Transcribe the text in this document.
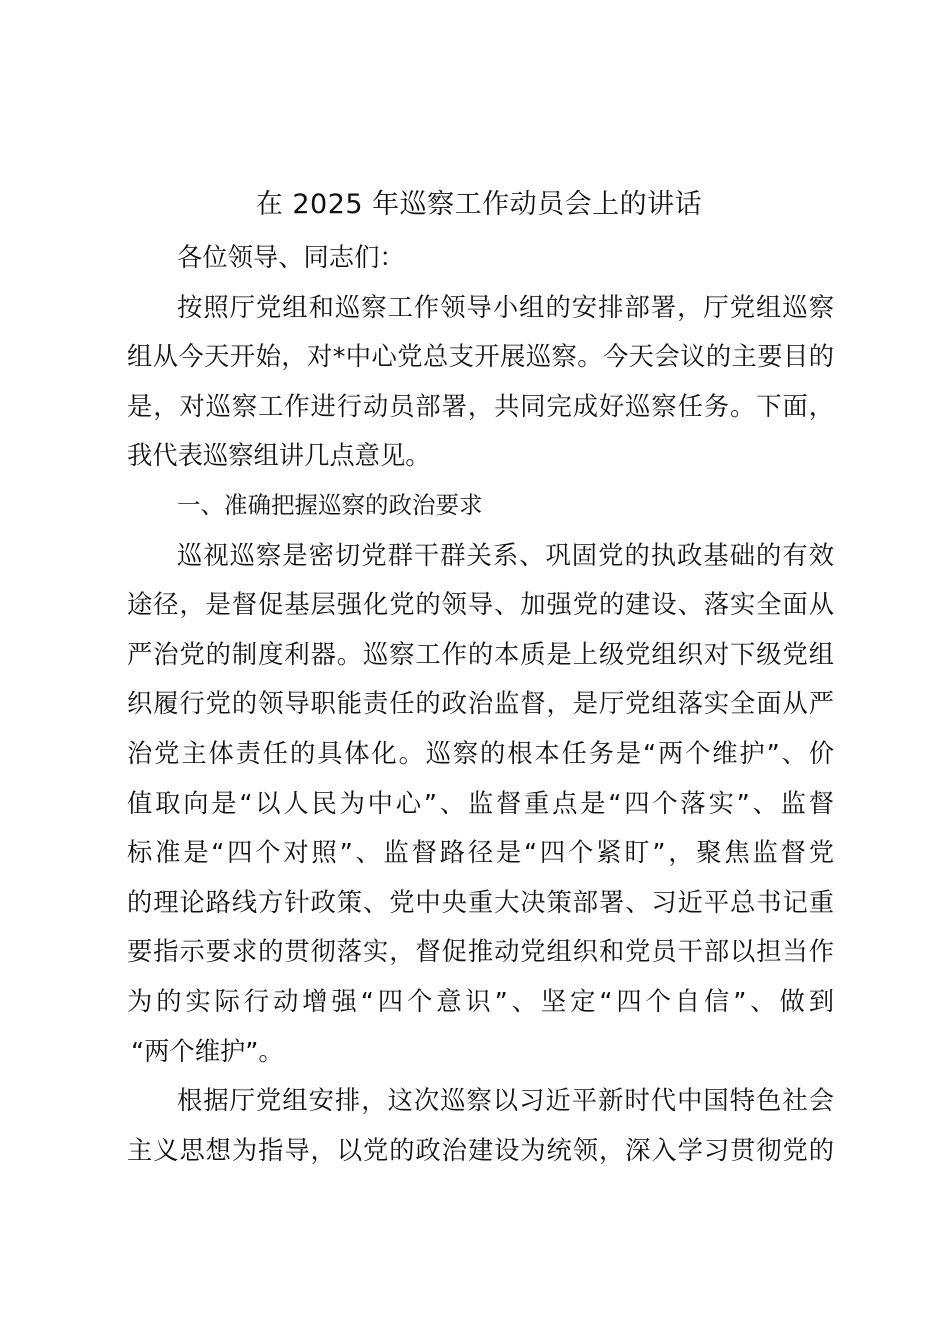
在 2025 年巡察工作动员会上的讲话
各位领导、同志们：
按照厅党组和巡察工作领导小组的安排部署，厅党组巡察
组从今天开始，对*中心党总支开展巡察。今天会议的主要目的
是，对巡察工作进行动员部署，共同完成好巡察任务。下面，
我代表巡察组讲几点意见。
一、准确把握巡察的政治要求
巡视巡察是密切党群干群关系、巩固党的执政基础的有效
途径，是督促基层强化党的领导、加强党的建设、落实全面从
严治党的制度利器。巡察工作的本质是上级党组织对下级党组
织履行党的领导职能责任的政治监督，是厅党组落实全面从严
治党主体责任的具体化。巡察的根本任务是“两个维护”、价
值取向是“以人民为中心”、监督重点是“四个落实”、监督
标准是“四个对照”、监督路径是“四个紧盯”，聚焦监督党
的理论路线方针政策、党中央重大决策部署、习近平总书记重
要指示要求的贯彻落实，督促推动党组织和党员干部以担当作
为的实际行动增强“四个意识”、坚定“四个自信”、做到
“两个维护”。
根据厅党组安排，这次巡察以习近平新时代中国特色社会
主义思想为指导，以党的政治建设为统领，深入学习贯彻党的
